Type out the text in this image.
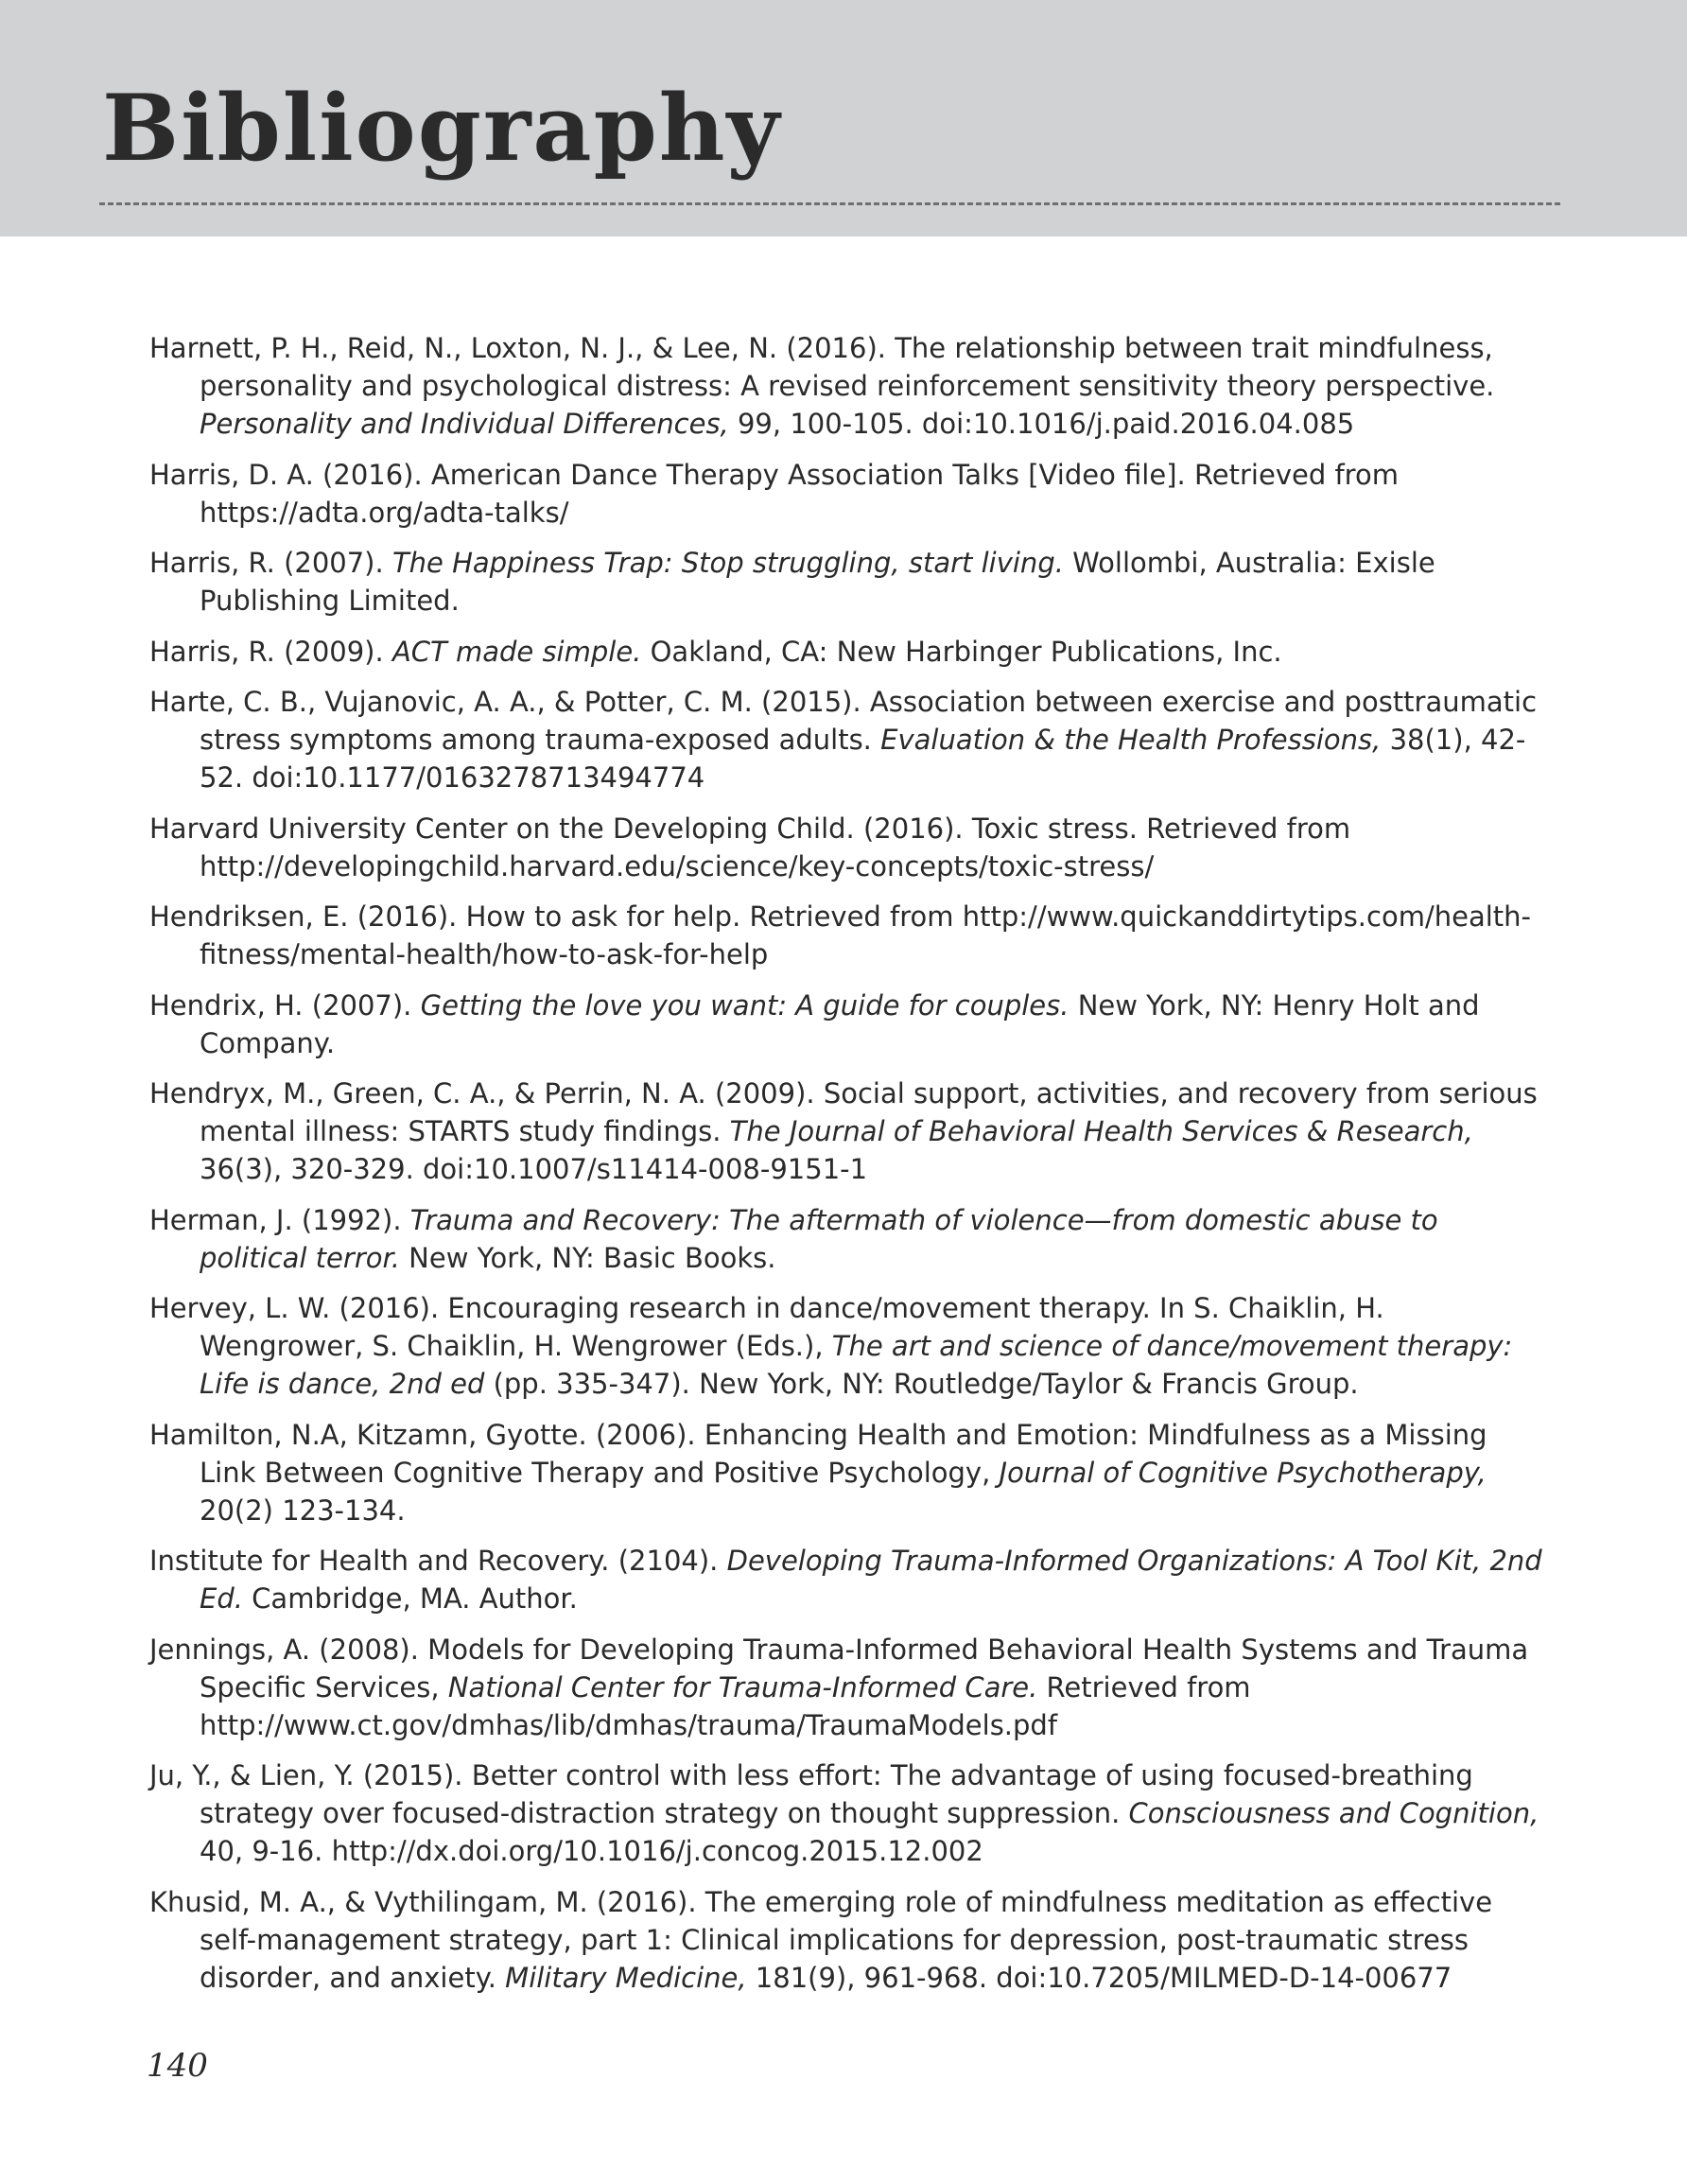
Bibliography

Harnett, P. H., Reid, N., Loxton, N. J., & Lee, N. (2016). The relationship between trait mindfulness, personality and psychological distress: A revised reinforcement sensitivity theory perspective. Personality and Individual Differences, 99, 100-105. doi:10.1016/j.paid.2016.04.085

Harris, D. A. (2016). American Dance Therapy Association Talks [Video file]. Retrieved from https://adta.org/adta-talks/

Harris, R. (2007). The Happiness Trap: Stop struggling, start living. Wollombi, Australia: Exisle Publishing Limited.

Harris, R. (2009). ACT made simple. Oakland, CA: New Harbinger Publications, Inc.

Harte, C. B., Vujanovic, A. A., & Potter, C. M. (2015). Association between exercise and posttraumatic stress symptoms among trauma-exposed adults. Evaluation & the Health Professions, 38(1), 42-52. doi:10.1177/0163278713494774

Harvard University Center on the Developing Child. (2016). Toxic stress. Retrieved from http://developingchild.harvard.edu/science/key-concepts/toxic-stress/

Hendriksen, E. (2016). How to ask for help. Retrieved from http://www.quickanddirtytips.com/health-fitness/mental-health/how-to-ask-for-help

Hendrix, H. (2007). Getting the love you want: A guide for couples. New York, NY: Henry Holt and Company.

Hendryx, M., Green, C. A., & Perrin, N. A. (2009). Social support, activities, and recovery from serious mental illness: STARTS study findings. The Journal of Behavioral Health Services & Research, 36(3), 320-329. doi:10.1007/s11414-008-9151-1

Herman, J. (1992). Trauma and Recovery: The aftermath of violence—from domestic abuse to political terror. New York, NY: Basic Books.

Hervey, L. W. (2016). Encouraging research in dance/movement therapy. In S. Chaiklin, H. Wengrower, S. Chaiklin, H. Wengrower (Eds.), The art and science of dance/movement therapy: Life is dance, 2nd ed (pp. 335-347). New York, NY: Routledge/Taylor & Francis Group.

Hamilton, N.A, Kitzamn, Gyotte. (2006). Enhancing Health and Emotion: Mindfulness as a Missing Link Between Cognitive Therapy and Positive Psychology, Journal of Cognitive Psychotherapy, 20(2) 123-134.

Institute for Health and Recovery. (2104). Developing Trauma-Informed Organizations: A Tool Kit, 2nd Ed. Cambridge, MA. Author.

Jennings, A. (2008). Models for Developing Trauma-Informed Behavioral Health Systems and Trauma Specific Services, National Center for Trauma-Informed Care. Retrieved from http://www.ct.gov/dmhas/lib/dmhas/trauma/TraumaModels.pdf

Ju, Y., & Lien, Y. (2015). Better control with less effort: The advantage of using focused-breathing strategy over focused-distraction strategy on thought suppression. Consciousness and Cognition, 40, 9-16. http://dx.doi.org/10.1016/j.concog.2015.12.002

Khusid, M. A., & Vythilingam, M. (2016). The emerging role of mindfulness meditation as effective self-management strategy, part 1: Clinical implications for depression, post-traumatic stress disorder, and anxiety. Military Medicine, 181(9), 961-968. doi:10.7205/MILMED-D-14-00677

140
